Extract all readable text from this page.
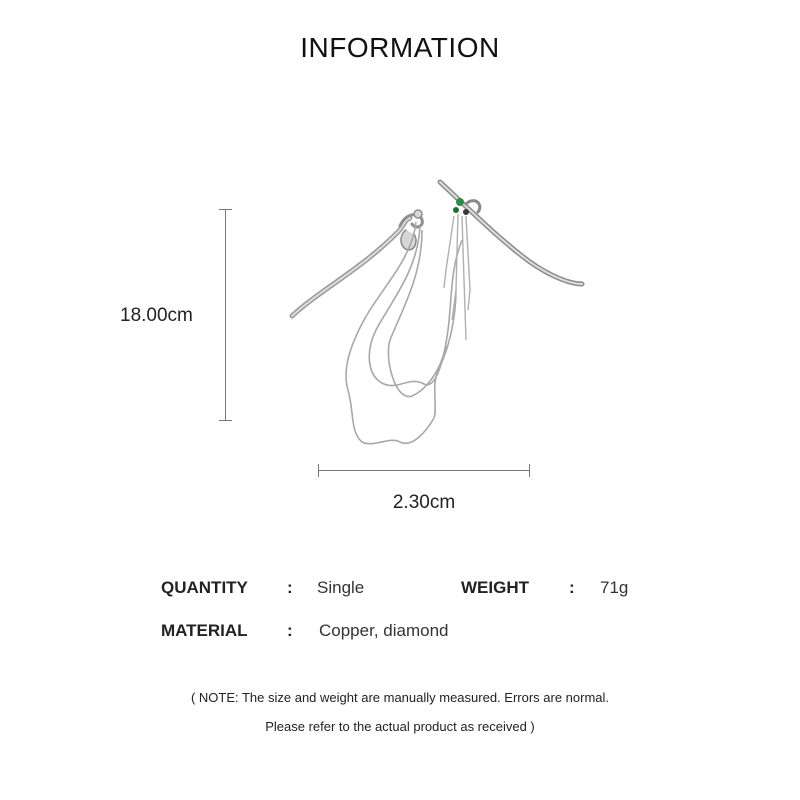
INFORMATION
18.00cm
2.30cm
QUANTITY : Single	WEIGHT : 71g
MATERIAL : Copper, diamond
( NOTE: The size and weight are manually measured. Errors are normal.
Please refer to the actual product as received )
